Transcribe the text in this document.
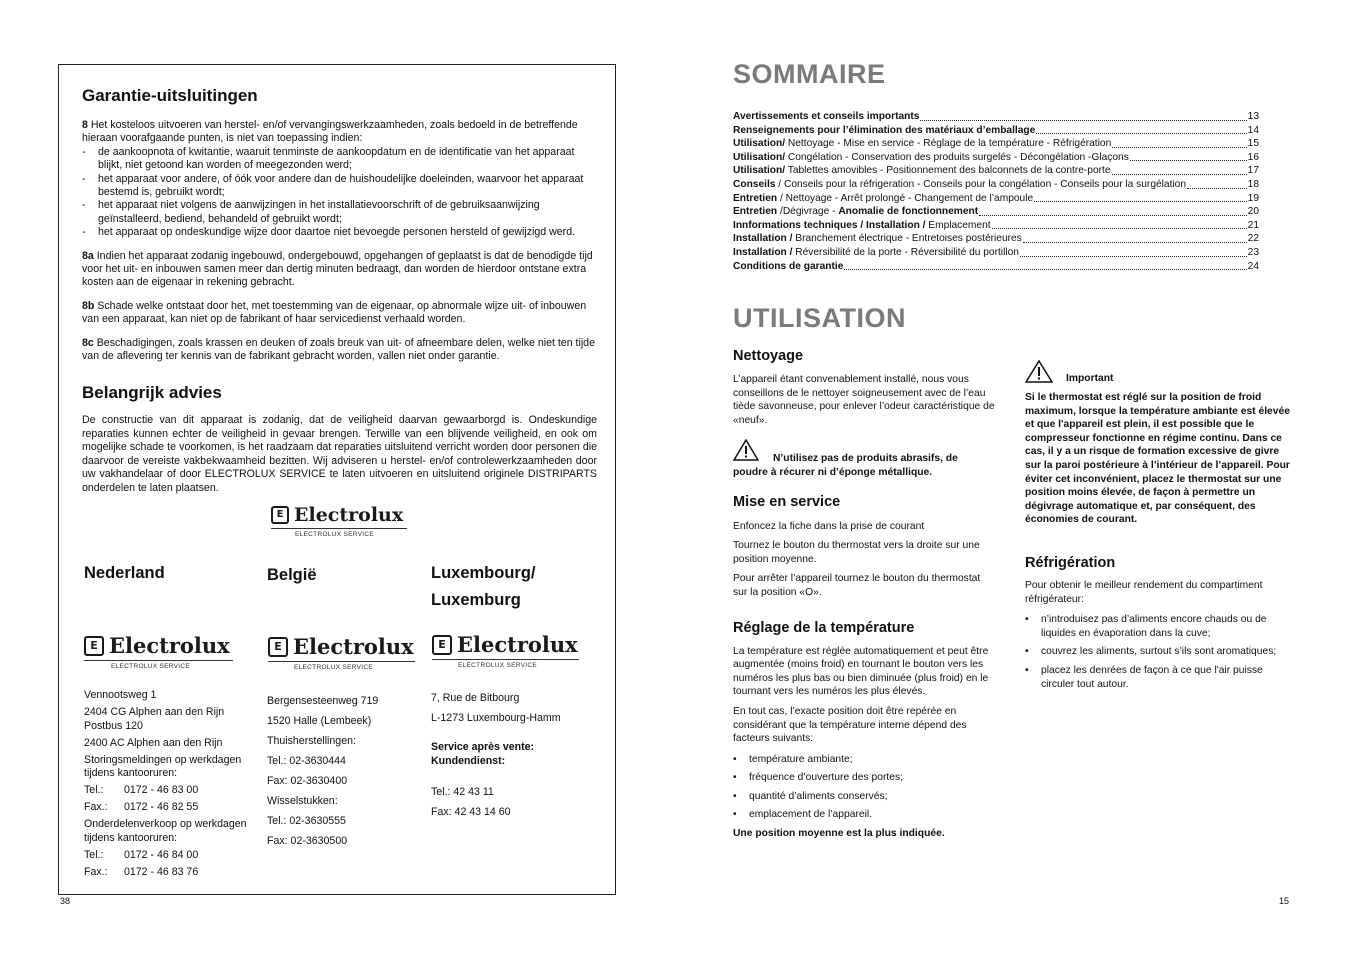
Garantie-uitsluitingen

8 Het kosteloos uitvoeren van herstel- en/of vervangingswerkzaamheden, zoals bedoeld in de betreffende hieraan voorafgaande punten, is niet van toepassing indien:

- de aankoopnota of kwitantie, waaruit tenminste de aankoopdatum en de identificatie van het apparaat blijkt, niet getoond kan worden of meegezonden werd;
- het apparaat voor andere, of óók voor andere dan de huishoudelijke doeleinden, waarvoor het apparaat bestemd is, gebruikt wordt;
- het apparaat niet volgens de aanwijzingen in het installatievoorschrift of de gebruiksaanwijzing geïnstalleerd, bediend, behandeld of gebruikt wordt;
- het apparaat op ondeskundige wijze door daartoe niet bevoegde personen hersteld of gewijzigd werd.

8a Indien het apparaat zodanig ingebouwd, ondergebouwd, opgehangen of geplaatst is dat de benodigde tijd voor het uit- en inbouwen samen meer dan dertig minuten bedraagt, dan worden de hierdoor ontstane extra kosten aan de eigenaar in rekening gebracht.

8b Schade welke ontstaat door het, met toestemming van de eigenaar, op abnormale wijze uit- of inbouwen van een apparaat, kan niet op de fabrikant of haar servicedienst verhaald worden.

8c Beschadigingen, zoals krassen en deuken of zoals breuk van uit- of afneembare delen, welke niet ten tijde van de aflevering ter kennis van de fabrikant gebracht worden, vallen niet onder garantie.

Belangrijk advies

De constructie van dit apparaat is zodanig, dat de veiligheid daarvan gewaarborgd is. Ondeskundige reparaties kunnen echter de veiligheid in gevaar brengen. Terwille van een blijvende veiligheid, en ook om mogelijke schade te voorkomen, is het raadzaam dat reparaties uitsluitend verricht worden door personen die daarvoor de vereiste vakbekwaamheid bezitten. Wij adviseren u herstel- en/of controlewerkzaamheden door uw vakhandelaar of door ELECTROLUX SERVICE te laten uitvoeren en uitsluitend originele DISTRIPARTS onderdelen te laten plaatsen.

E Electrolux
ELECTROLUX SERVICE
Nederland	België	Luxembourg/
Luxemburg
E Electrolux
ELECTROLUX SERVICE
E Electrolux
ELECTROLUX SERVICE
E Electrolux
ELECTROLUX SERVICE
Vennootsweg 1
2404 CG Alphen aan den Rijn
Postbus 120
2400 AC Alphen aan den Rijn
Storingsmeldingen op werkdagen tijdens kantooruren:
Tel.:	0172 - 46 83 00
Fax.:	0172 - 46 82 55
Onderdelenverkoop op werkdagen tijdens kantooruren:
Tel.:	0172 - 46 84 00
Fax.:	0172 - 46 83 76
Bergensesteenweg 719
1520 Halle (Lembeek)
Thuisherstellingen:
Tel.: 02-3630444
Fax: 02-3630400
Wisselstukken:
Tel.: 02-3630555
Fax: 02-3630500
7, Rue de Bitbourg
L-1273 Luxembourg-Hamm
Service après vente:
Kundendienst:
Tel.: 42 43 11
Fax: 42 43 14 60
38
SOMMAIRE
Avertissements et conseils importants	13
Renseignements pour l’élimination des matériaux d’emballage	14
Utilisation/ Nettoyage - Mise en service - Réglage de la température - Réfrigération	15
Utilisation/ Congélation - Conservation des produits surgelés - Décongélation -Glaçons	16
Utilisation/ Tablettes amovibles - Positionnement des balconnets de la contre-porte	17
Conseils / Conseils pour la réfrigeration - Conseils pour la congélation - Conseils pour la surgélation	18
Entretien / Nettoyage - Arrêt prolongé - Changement de l’ampoule	19
Entretien /Dégivrage - Anomalie de fonctionnement	20
Innformations techniques / Installation / Emplacement	21
Installation / Branchement électrique - Entretoises postérieures	22
Installation / Réversibilité de la porte - Réversibilité du portillon	23
Conditions de garantie	24
UTILISATION
Nettoyage

L’appareil étant convenablement installé, nous vous conseillons de le nettoyer soigneusement avec de l’eau tiède savonneuse, pour enlever l’odeur caractéristique de «neuf».

N’utilisez pas de produits abrasifs, de poudre à récurer ni d’éponge métallique.

Mise en service

Enfoncez la fiche dans la prise de courant

Tournez le bouton du thermostat vers la droite sur une position moyenne.

Pour arrêter l’appareil tournez le bouton du thermostat sur la position «O».

Réglage de la température

La température est réglée automatiquement et peut être augmentée (moins froid) en tournant le bouton vers les numéros les plus bas ou bien diminuée (plus froid) en le tournant vers les numéros les plus élevés.

En tout cas, l’exacte position doit être repérée en considérant que la température interne dépend des facteurs suivants:

• température ambiante;
• fréquence d’ouverture des portes;
• quantité d’aliments conservés;
• emplacement de l’appareil.

Une position moyenne est la plus indiquée.

Important

Si le thermostat est réglé sur la position de froid maximum, lorsque la température ambiante est élevée et que l'appareil est plein, il est possible que le compresseur fonctionne en régime continu. Dans ce cas, il y a un risque de formation excessive de givre sur la paroi postérieure à l’intérieur de l’appareil. Pour éviter cet inconvénient, placez le thermostat sur une position moins élevée, de façon à permettre un dégivrage automatique et, par conséquent, des économies de courant.

Réfrigération

Pour obtenir le meilleur rendement du compartiment réfrigérateur:

• n’introduisez pas d’aliments encore chauds ou de liquides en évaporation dans la cuve;
• couvrez les aliments, surtout s’ils sont aromatiques;
• placez les denrées de façon à ce que l'air puisse circuler tout autour.
15
